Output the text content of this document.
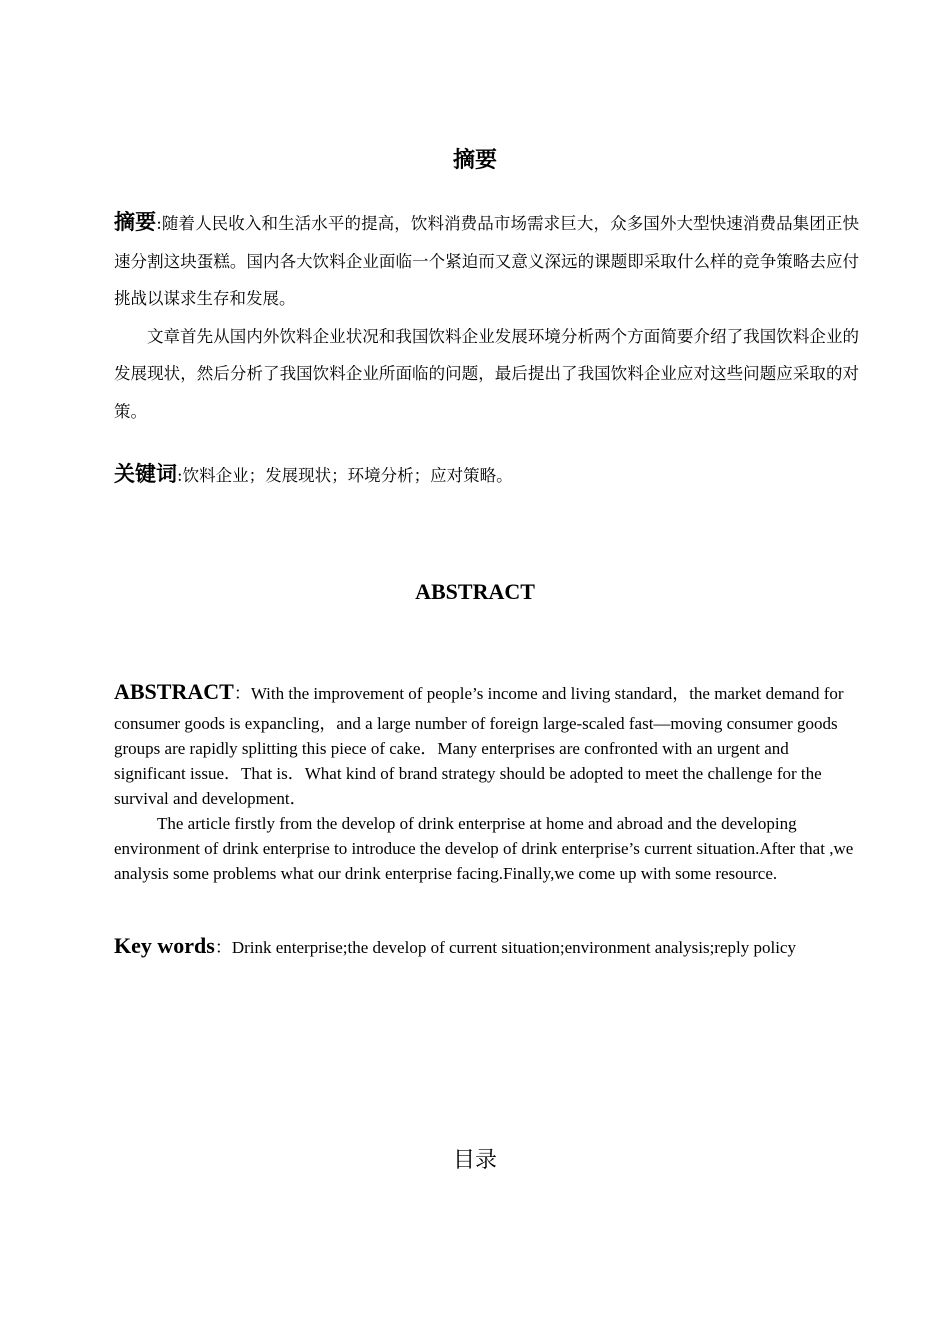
摘要

摘要:随着人民收入和生活水平的提高，饮料消费品市场需求巨大，众多国外大型快速消费品集团正快速分割这块蛋糕。国内各大饮料企业面临一个紧迫而又意义深远的课题即采取什么样的竞争策略去应付挑战以谋求生存和发展。

文章首先从国内外饮料企业状况和我国饮料企业发展环境分析两个方面简要介绍了我国饮料企业的发展现状，然后分析了我国饮料企业所面临的问题，最后提出了我国饮料企业应对这些问题应采取的对策。

关键词:饮料企业；发展现状；环境分析；应对策略。
ABSTRACT

ABSTRACT：With the improvement of people’s income and living standard，the market demand for consumer goods is expancling，and a large number of foreign large-scaled fast—moving consumer goods groups are rapidly splitting this piece of cake．Many enterprises are confronted with an urgent and significant issue．That is．What kind of brand strategy should be adopted to meet the challenge for the survival and development．

The article firstly from the develop of drink enterprise at home and abroad and the developing environment of drink enterprise to introduce the develop of drink enterprise’s current situation.After that ,we analysis some problems what our drink enterprise facing.Finally,we come up with some resource.

Key words：Drink enterprise;the develop of current situation;environment analysis;reply policy
目录
